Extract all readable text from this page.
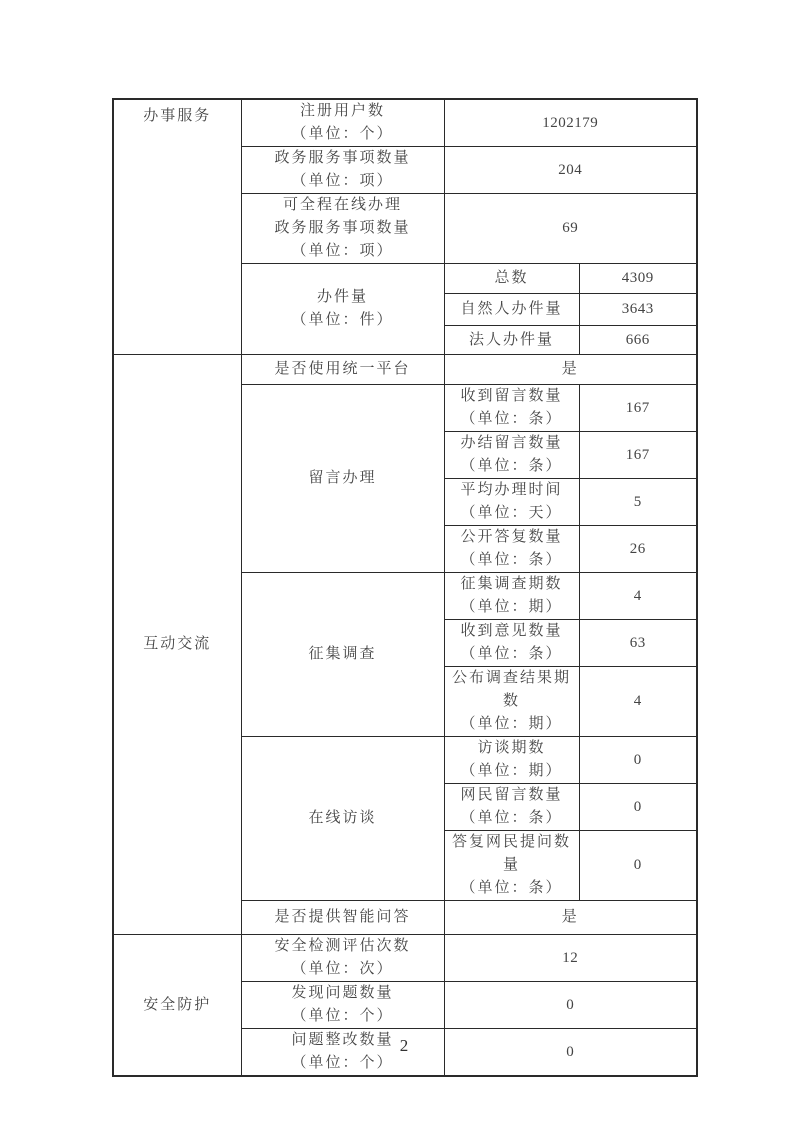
办事服务	注册用户数
（单位：个）	1202179	

	政务服务事项数量
（单位：项）	204	

	可全程在线办理
政务服务事项数量
（单位：项）	69	

	办件量
（单位：件）	总数	4309
		自然人办件量	3643
		法人办件量	666

互动交流	是否使用统一平台	是	
	留言办理	收到留言数量
（单位：条）	167

		办结留言数量
（单位：条）	167

		平均办理时间
（单位：天）	5

		公开答复数量
（单位：条）	26
	征集调查	征集调查期数
（单位：期）	4

		收到意见数量
（单位：条）	63

		公布调查结果期数
（单位：期）	4
	在线访谈	访谈期数
（单位：期）	0

		网民留言数量
（单位：条）	0

		答复网民提问数量
（单位：条）	0
	是否提供智能问答	是	

安全防护	安全检测评估次数
（单位：次）	12	

	发现问题数量
（单位：个）	0	

	问题整改数量
（单位：个）	0	
2
